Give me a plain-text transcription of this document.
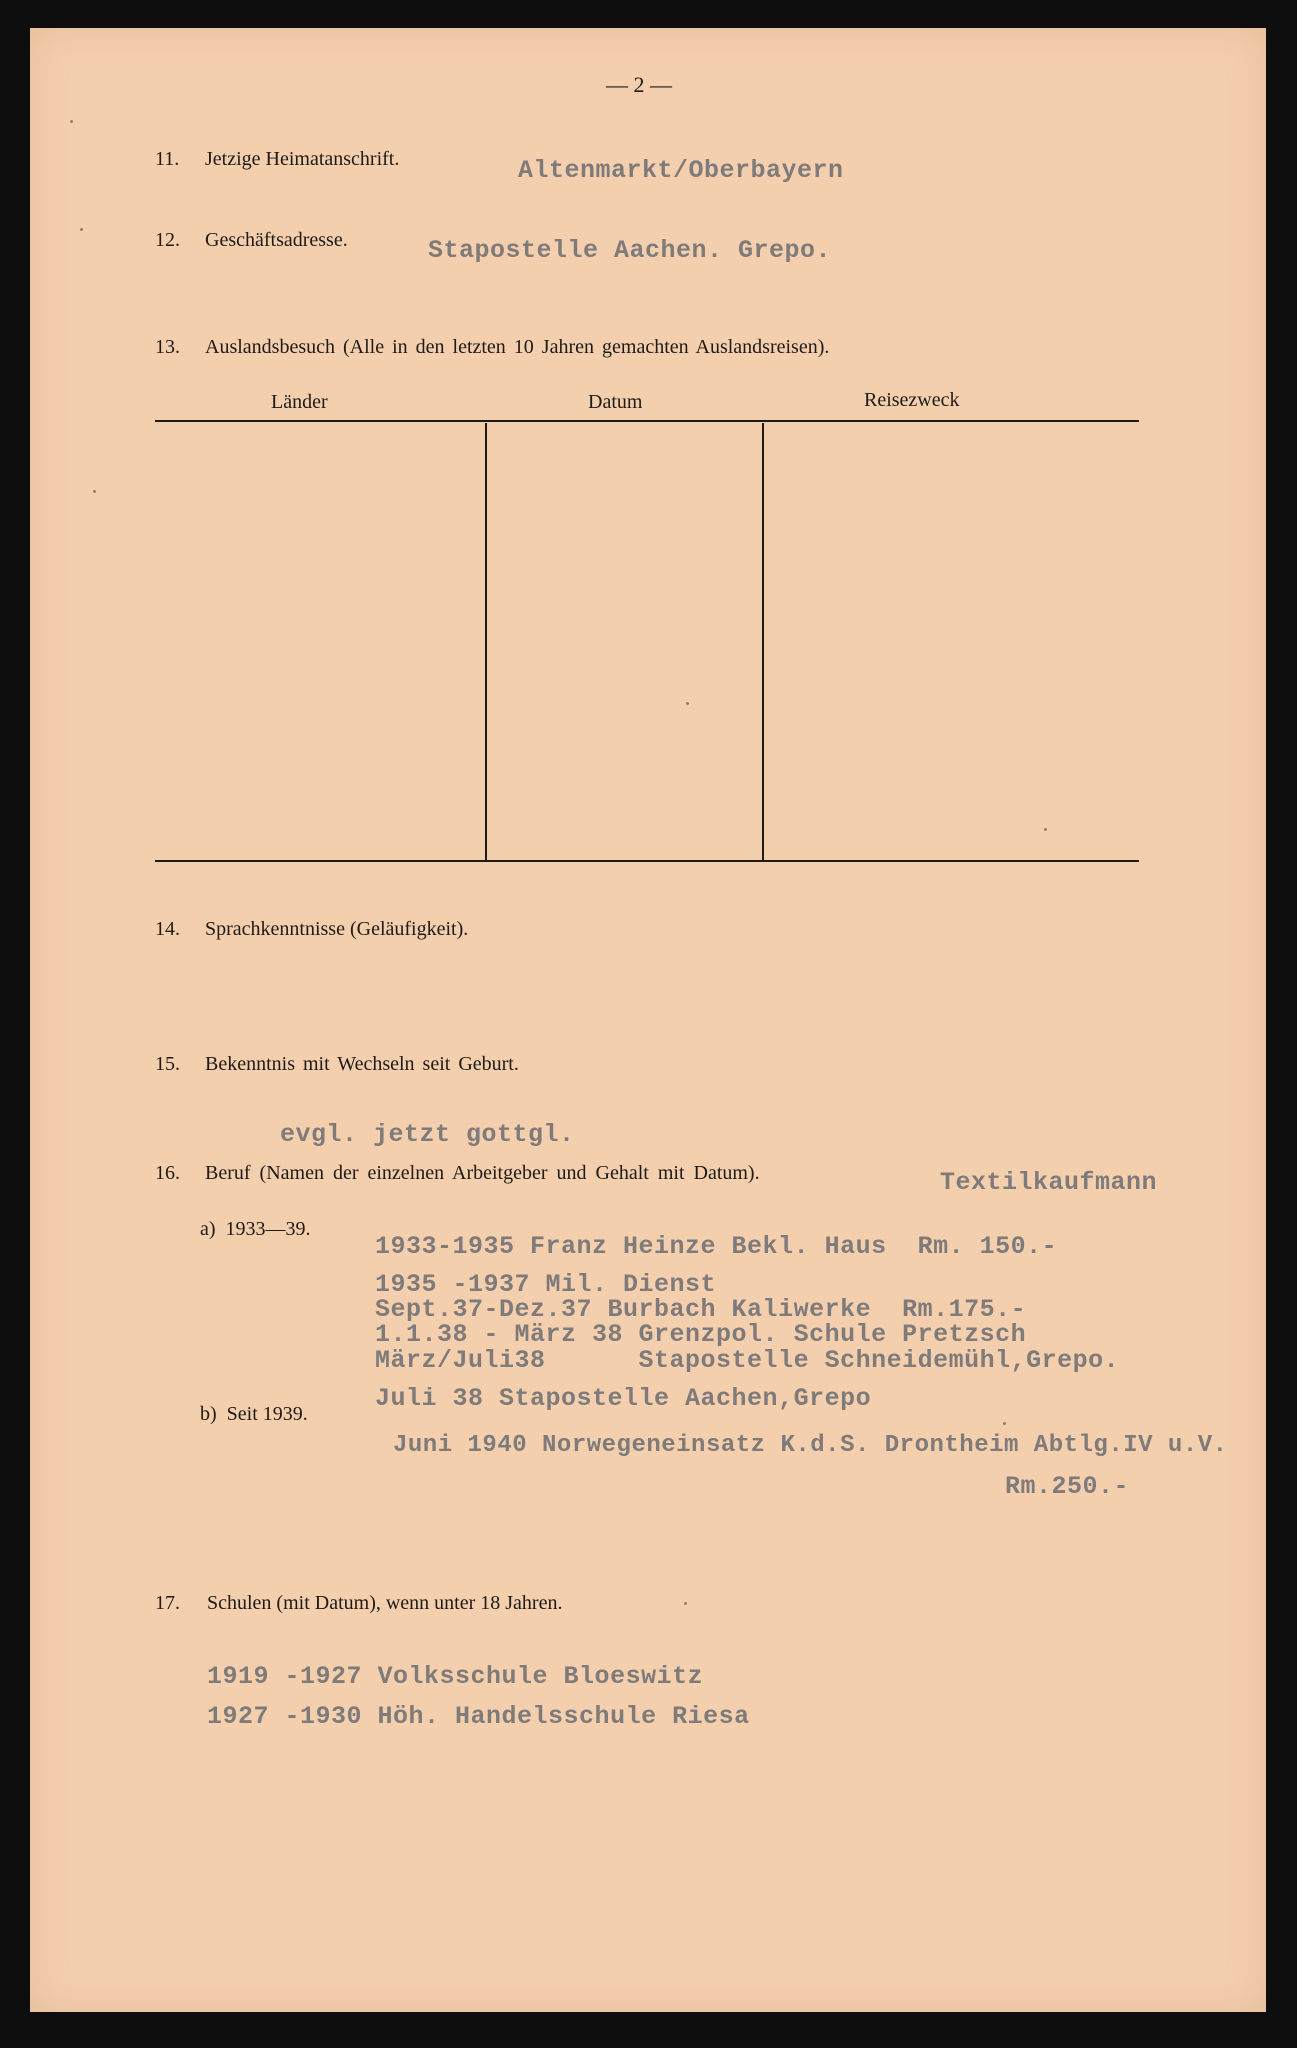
— 2 —
11. Jetzige Heimatanschrift.	Altenmarkt/Oberbayern
12. Geschäftsadresse.	Stapostelle Aachen. Grepo.
13. Auslandsbesuch (Alle in den letzten 10 Jahren gemachten Auslandsreisen).
Länder	Datum	Reisezweck
14. Sprachkenntnisse (Geläufigkeit).
15. Bekenntnis mit Wechseln seit Geburt.
evgl. jetzt gottgl.
16. Beruf (Namen der einzelnen Arbeitgeber und Gehalt mit Datum).	Textilkaufmann
a)  1933—39.
b)  Seit 1939.
1933-1935 Franz Heinze Bekl. Haus  Rm. 150.-
1935 -1937 Mil. Dienst
Sept.37-Dez.37 Burbach Kaliwerke  Rm.175.-
1.1.38 - März 38 Grenzpol. Schule Pretzsch
März/Juli38      Stapostelle Schneidemühl,Grepo.
Juli 38 Stapostelle Aachen,Grepo
Juni 1940 Norwegeneinsatz K.d.S. Drontheim Abtlg.IV u.V.
Rm.250.-
17. Schulen (mit Datum), wenn unter 18 Jahren.
1919 -1927 Volksschule Bloeswitz
1927 -1930 Höh. Handelsschule Riesa
